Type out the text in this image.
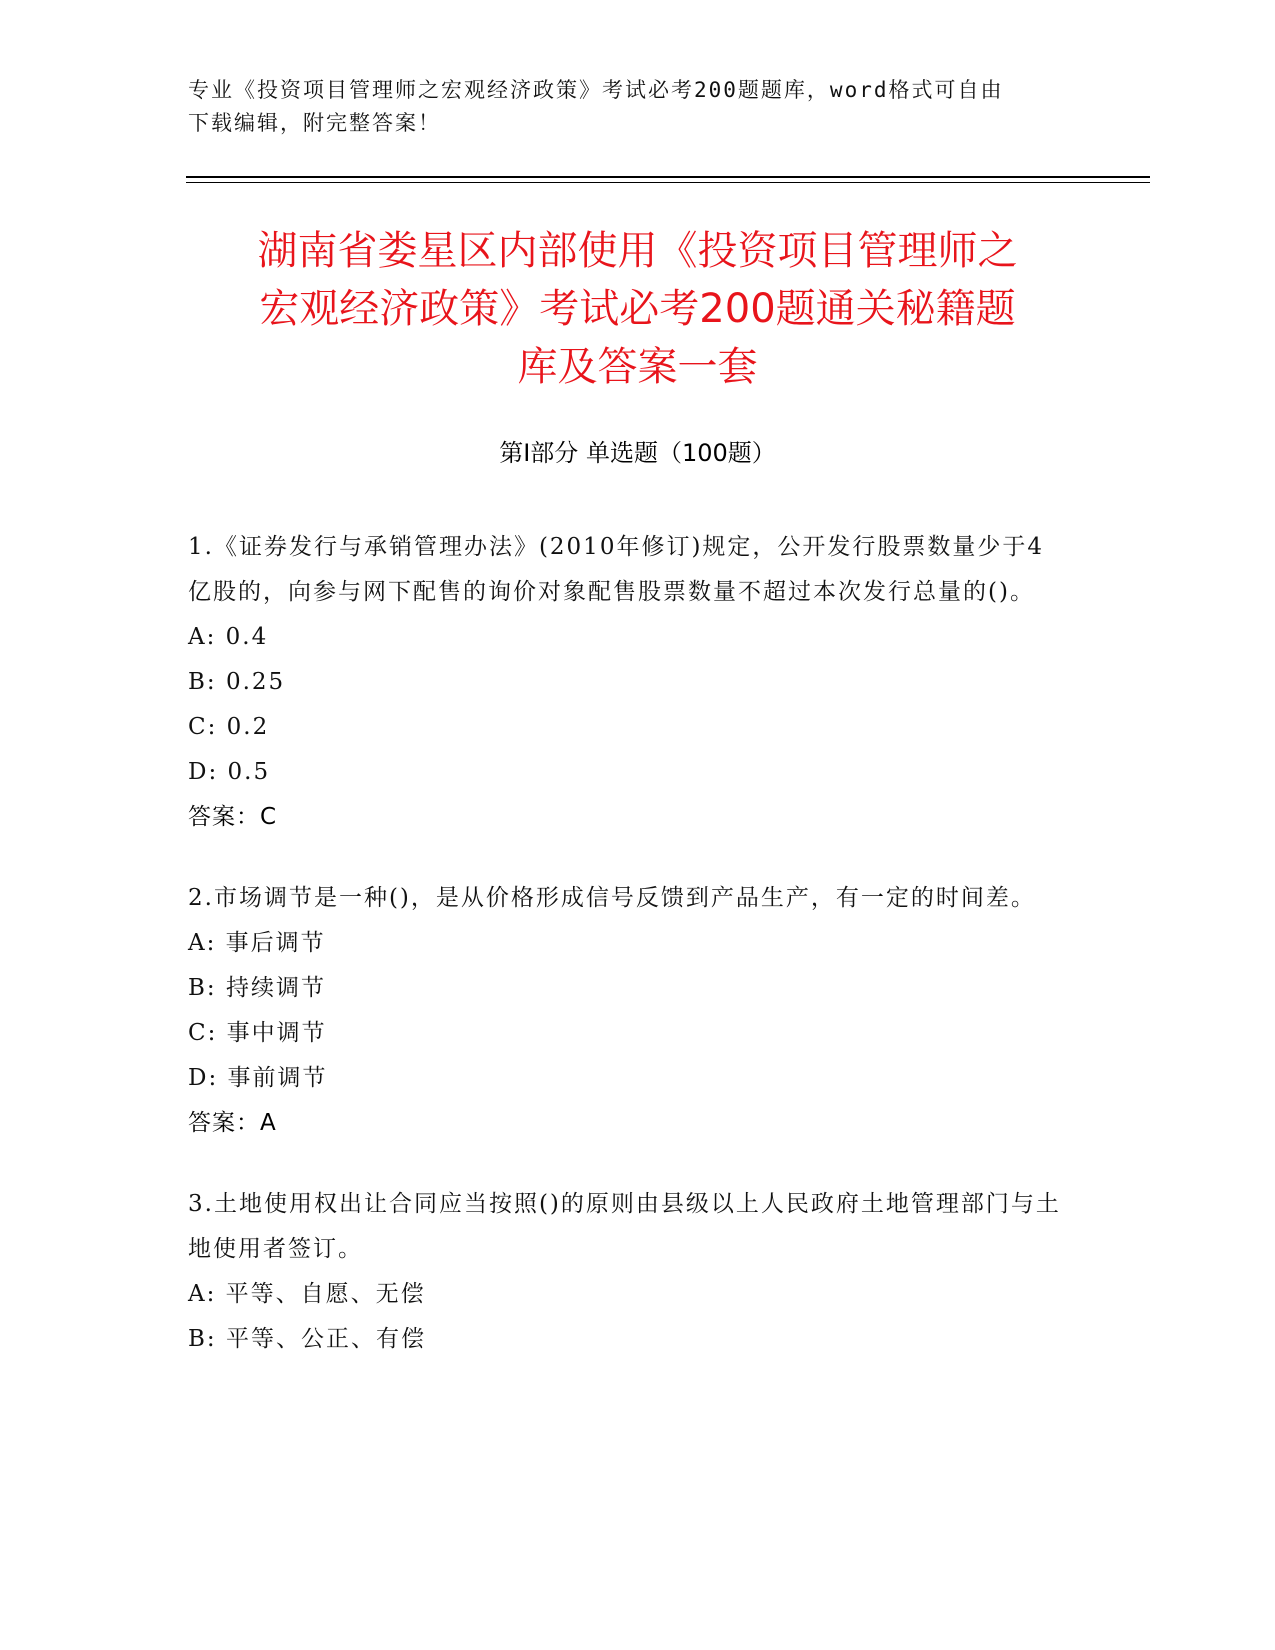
专业《投资项目管理师之宏观经济政策》考试必考200题题库，word格式可自由
下载编辑，附完整答案！
湖南省娄星区内部使用《投资项目管理师之
宏观经济政策》考试必考200题通关秘籍题
库及答案一套
第Ⅰ部分 单选题（100题）
1.《证券发行与承销管理办法》(2010年修订)规定，公开发行股票数量少于4亿股的，向参与网下配售的询价对象配售股票数量不超过本次发行总量的()。
A: 0.4
B: 0.25
C: 0.2
D: 0.5
答案：C
2.市场调节是一种()，是从价格形成信号反馈到产品生产，有一定的时间差。
A: 事后调节
B: 持续调节
C: 事中调节
D: 事前调节
答案：A
3.土地使用权出让合同应当按照()的原则由县级以上人民政府土地管理部门与土地使用者签订。
A: 平等、自愿、无偿
B: 平等、公正、有偿
